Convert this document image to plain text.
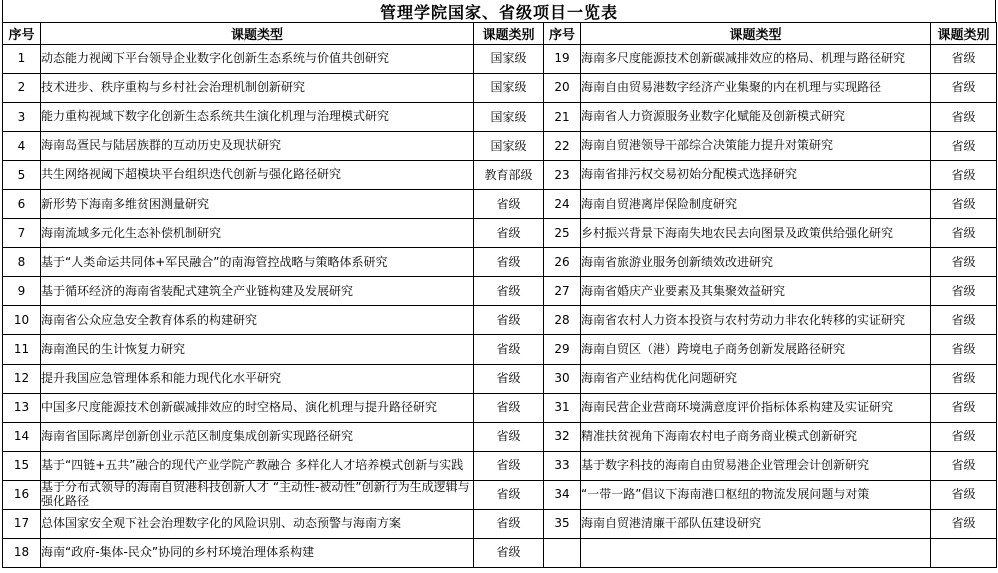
管理学院国家、省级项目一览表
序号	课题类型	课题类别	序号	课题类型	课题类别
1	动态能力视阈下平台领导企业数字化创新生态系统与价值共创研究	国家级	19	海南多尺度能源技术创新碳减排效应的格局、机理与路径研究	省级
2	技术进步、秩序重构与乡村社会治理机制创新研究	国家级	20	海南自由贸易港数字经济产业集聚的内在机理与实现路径	省级
3	能力重构视域下数字化创新生态系统共生演化机理与治理模式研究	国家级	21	海南省人力资源服务业数字化赋能及创新模式研究	省级
4	海南岛疍民与陆居族群的互动历史及现状研究	国家级	22	海南自贸港领导干部综合决策能力提升对策研究	省级
5	共生网络视阈下超模块平台组织迭代创新与强化路径研究	教育部级	23	海南省排污权交易初始分配模式选择研究	省级
6	新形势下海南多维贫困测量研究	省级	24	海南自贸港离岸保险制度研究	省级
7	海南流域多元化生态补偿机制研究	省级	25	乡村振兴背景下海南失地农民去向图景及政策供给强化研究	省级
8	基于“人类命运共同体+军民融合”的南海管控战略与策略体系研究	省级	26	海南省旅游业服务创新绩效改进研究	省级
9	基于循环经济的海南省装配式建筑全产业链构建及发展研究	省级	27	海南省婚庆产业要素及其集聚效益研究	省级
10	海南省公众应急安全教育体系的构建研究	省级	28	海南省农村人力资本投资与农村劳动力非农化转移的实证研究	省级
11	海南渔民的生计恢复力研究	省级	29	海南自贸区（港）跨境电子商务创新发展路径研究	省级
12	提升我国应急管理体系和能力现代化水平研究	省级	30	海南省产业结构优化问题研究	省级
13	中国多尺度能源技术创新碳减排效应的时空格局、演化机理与提升路径研究	省级	31	海南民营企业营商环境满意度评价指标体系构建及实证研究	省级
14	海南省国际离岸创新创业示范区制度集成创新实现路径研究	省级	32	精准扶贫视角下海南农村电子商务商业模式创新研究	省级
15	基于“四链+五共”融合的现代产业学院产教融合 多样化人才培养模式创新与实践	省级	33	基于数字科技的海南自由贸易港企业管理会计创新研究	省级
16	基于分布式领导的海南自贸港科技创新人才 “主动性-被动性”创新行为生成逻辑与强化路径	省级	34	“一带一路”倡议下海南港口枢纽的物流发展问题与对策	省级
17	总体国家安全观下社会治理数字化的风险识别、动态预警与海南方案	省级	35	海南自贸港清廉干部队伍建设研究	省级
18	海南“政府-集体-民众”协同的乡村环境治理体系构建	省级			
